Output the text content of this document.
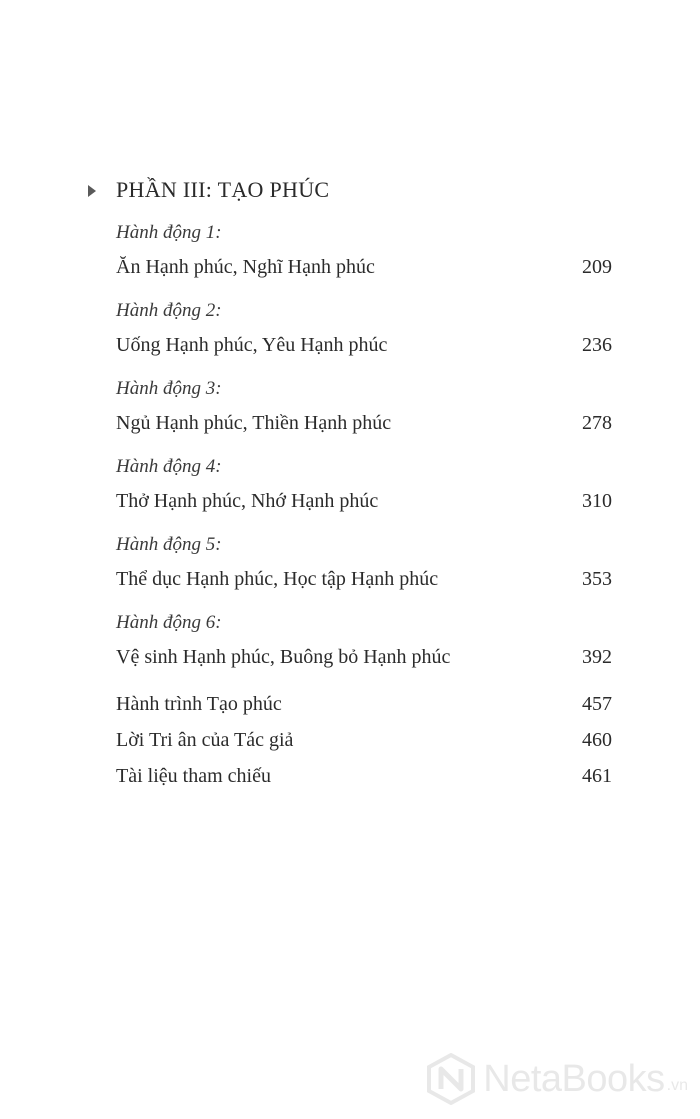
PHẦN III: TẠO PHÚC
Hành động 1:
Ăn Hạnh phúc, Nghĩ Hạnh phúc	209
Hành động 2:
Uống Hạnh phúc, Yêu Hạnh phúc	236
Hành động 3:
Ngủ Hạnh phúc, Thiền Hạnh phúc	278
Hành động 4:
Thở Hạnh phúc, Nhớ Hạnh phúc	310
Hành động 5:
Thể dục Hạnh phúc, Học tập Hạnh phúc	353
Hành động 6:
Vệ sinh Hạnh phúc, Buông bỏ Hạnh phúc	392
Hành trình Tạo phúc	457
Lời Tri ân của Tác giả	460
Tài liệu tham chiếu	461
NetaBooks .vn
